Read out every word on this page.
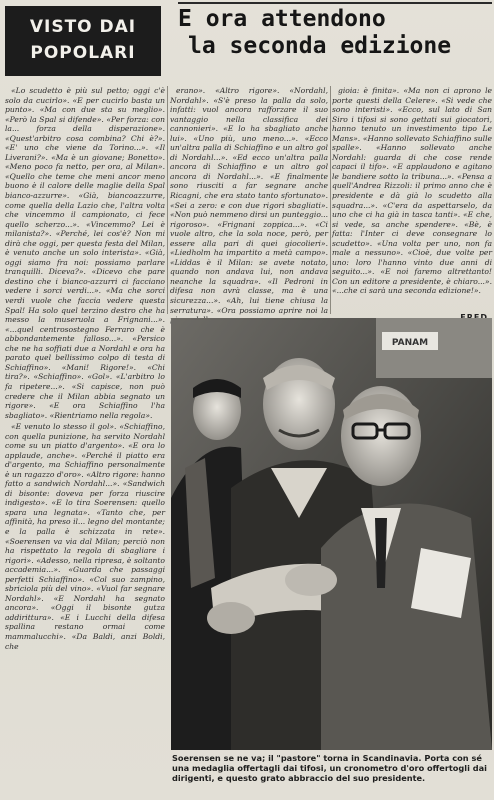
VISTO DAI
POPOLARI
E ora attendono
la seconda edizione

«Lo scudetto è più sul petto; oggi c'è solo da cucirlo». «E per cucirlo basta un punto». «Ma con due sta su meglio». «Però la Spal si difende». «Per forza: con la... forza della disperazione». «Quest'arbitro cosa combina? Chi è?». «E' uno che viene da Torino...». «Il Liverani?». «Ma è un giovane; Bonetto». «Meno poco fa netto, per ora, al Milan». «Quello che teme che meni ancor meno buono è il calore delle maglie della Spal bianco-azzurre». «Già, biancoazzurre, come quella della Lazio che, l'altra volta che vincemmo il campionato, ci fece quello scherzo...». «Vincemmo? Lei è milanista?». «Perché, lei cos'è? Non mi dirà che oggi, per questa festa del Milan, è venuto anche un solo interista». «Già, oggi siamo fra noi: possiamo parlare tranquilli. Diceva?». «Dicevo che pare destino che i bianco-azzurri ci facciano vedere i sorci verdi...». «Ma che sorci verdi vuole che faccia vedere questa Spal! Ha solo quel terzino destro che ha messo la museruola a Frignani...». «...quel centrosostegno Ferraro che è abbondantemente falloso...». «Persico che ne ha soffiati due a Nordahl e ora ha parato quel bellissimo colpo di testa di Schiaffino». «Mani! Rigore!». «Chi tira?». «Schiaffino». «Gol». «L'arbitro lo fa ripetere...». «Si capisce, non può credere che il Milan abbia segnato un rigore». «E ora Schiaffino l'ha sbagliato». «Rientriamo nella regola».

erano». «Altro rigore». «Nordahl, Nordahl». «S'è preso la palla da solo, infatti: vuol ancora rafforzare il suo vantaggio nella classifica dei cannonieri». «E lo ha sbagliato anche lui». «Uno più, uno meno...». «Ecco un'altra palla di Schiaffino e un altro gol di Nordahl...». «Ed ecco un'altra palla ancora di Schiaffino e un altro gol ancora di Nordahl...». «E finalmente sono riusciti a far segnare anche Ricagni, che era stato tanto sfortunato». «Sei a zero: e con due rigori sbagliati». «Non può nemmeno dirsi un punteggio... rigoroso». «Frignani zoppica...». «Ci vuole altro, che la sola noce, però, per essere alla pari di quei giocolieri». «Liedholm ha impartito a metà campo». «Liddas è il Milan: se avete notato, quando non andava lui, non andava neanche la squadra». «Il Pedroni in difesa non avrà classe, ma è una sicurezza...». «Ah, lui tiene chiusa la serratura». «Ora possiamo aprire noi la

gioia: è finita». «Ma non ci aprono le porte questi della Celere». «Si vede che sono interisti». «Ecco, sul lato di San Siro i tifosi si sono gettati sui giocatori, hanno tenuto un investimento tipo Le Mans». «Hanno sollevato Schiaffino sulle spalle». «Hanno sollevato anche Nordahl: guarda di che cose rende capaci il tifo». «E applaudono e agitano le bandiere sotto la tribuna...». «Pensa a quell'Andrea Rizzoli: il primo anno che è presidente e dà già lo scudetto alla squadra...». «C'era da aspettarselo, da uno che ci ha già in tasca tanti». «E che, si vede, sa anche spendere». «Bè, è fatta: l'Inter ci deve consegnare lo scudetto». «Una volta per uno, non fa male a nessuno». «Cioè, due volte per uno: loro l'hanno vinto due anni di seguito...». «E noi faremo altrettanto! Con un editore a presidente, è chiaro...». «...che ci sarà una seconda edizione!».

«E venuto lo stesso il gol». «Schiaffino, con quella punizione, ha servito Nordahl come su un piatto d'argento». «E ora lo applaude, anche». «Perché il piatto era d'argento, ma Schiaffino personalmente è un ragazzo d'oro». «Altro rigore: hanno fatto a sandwich Nordahl...». «Sandwich di bisonte: doveva per forza riuscire indigesto». «E lo tira Soerensen: quello spara una legnata». «Tanto che, per affinità, ha preso il... legno del montante; e la palla è schizzata in rete». «Soerensen va via dal Milan; perciò non ha rispettato la regola di sbagliare i rigori». «Adesso, nella ripresa, è soltanto accademia...». «Guarda che passaggi perfetti Schiaffino». «Col suo zampino, sbriciola più del vino». «Vuol far segnare Nordahl». «E Nordahl ha segnato ancora». «Oggi il bisonte gutza addirittura». «E i Lucchi della difesa spallina restano ormai come mammalucchi». «Da Baldi, anzi Boldi, che

PANAM
Soerensen se ne va; il "pastore" torna in Scandinavia. Porta con sé una medaglia offertagli dai tifosi, un cronometro d'oro offertogli dai dirigenti, e questo grato abbraccio del suo presidente.
